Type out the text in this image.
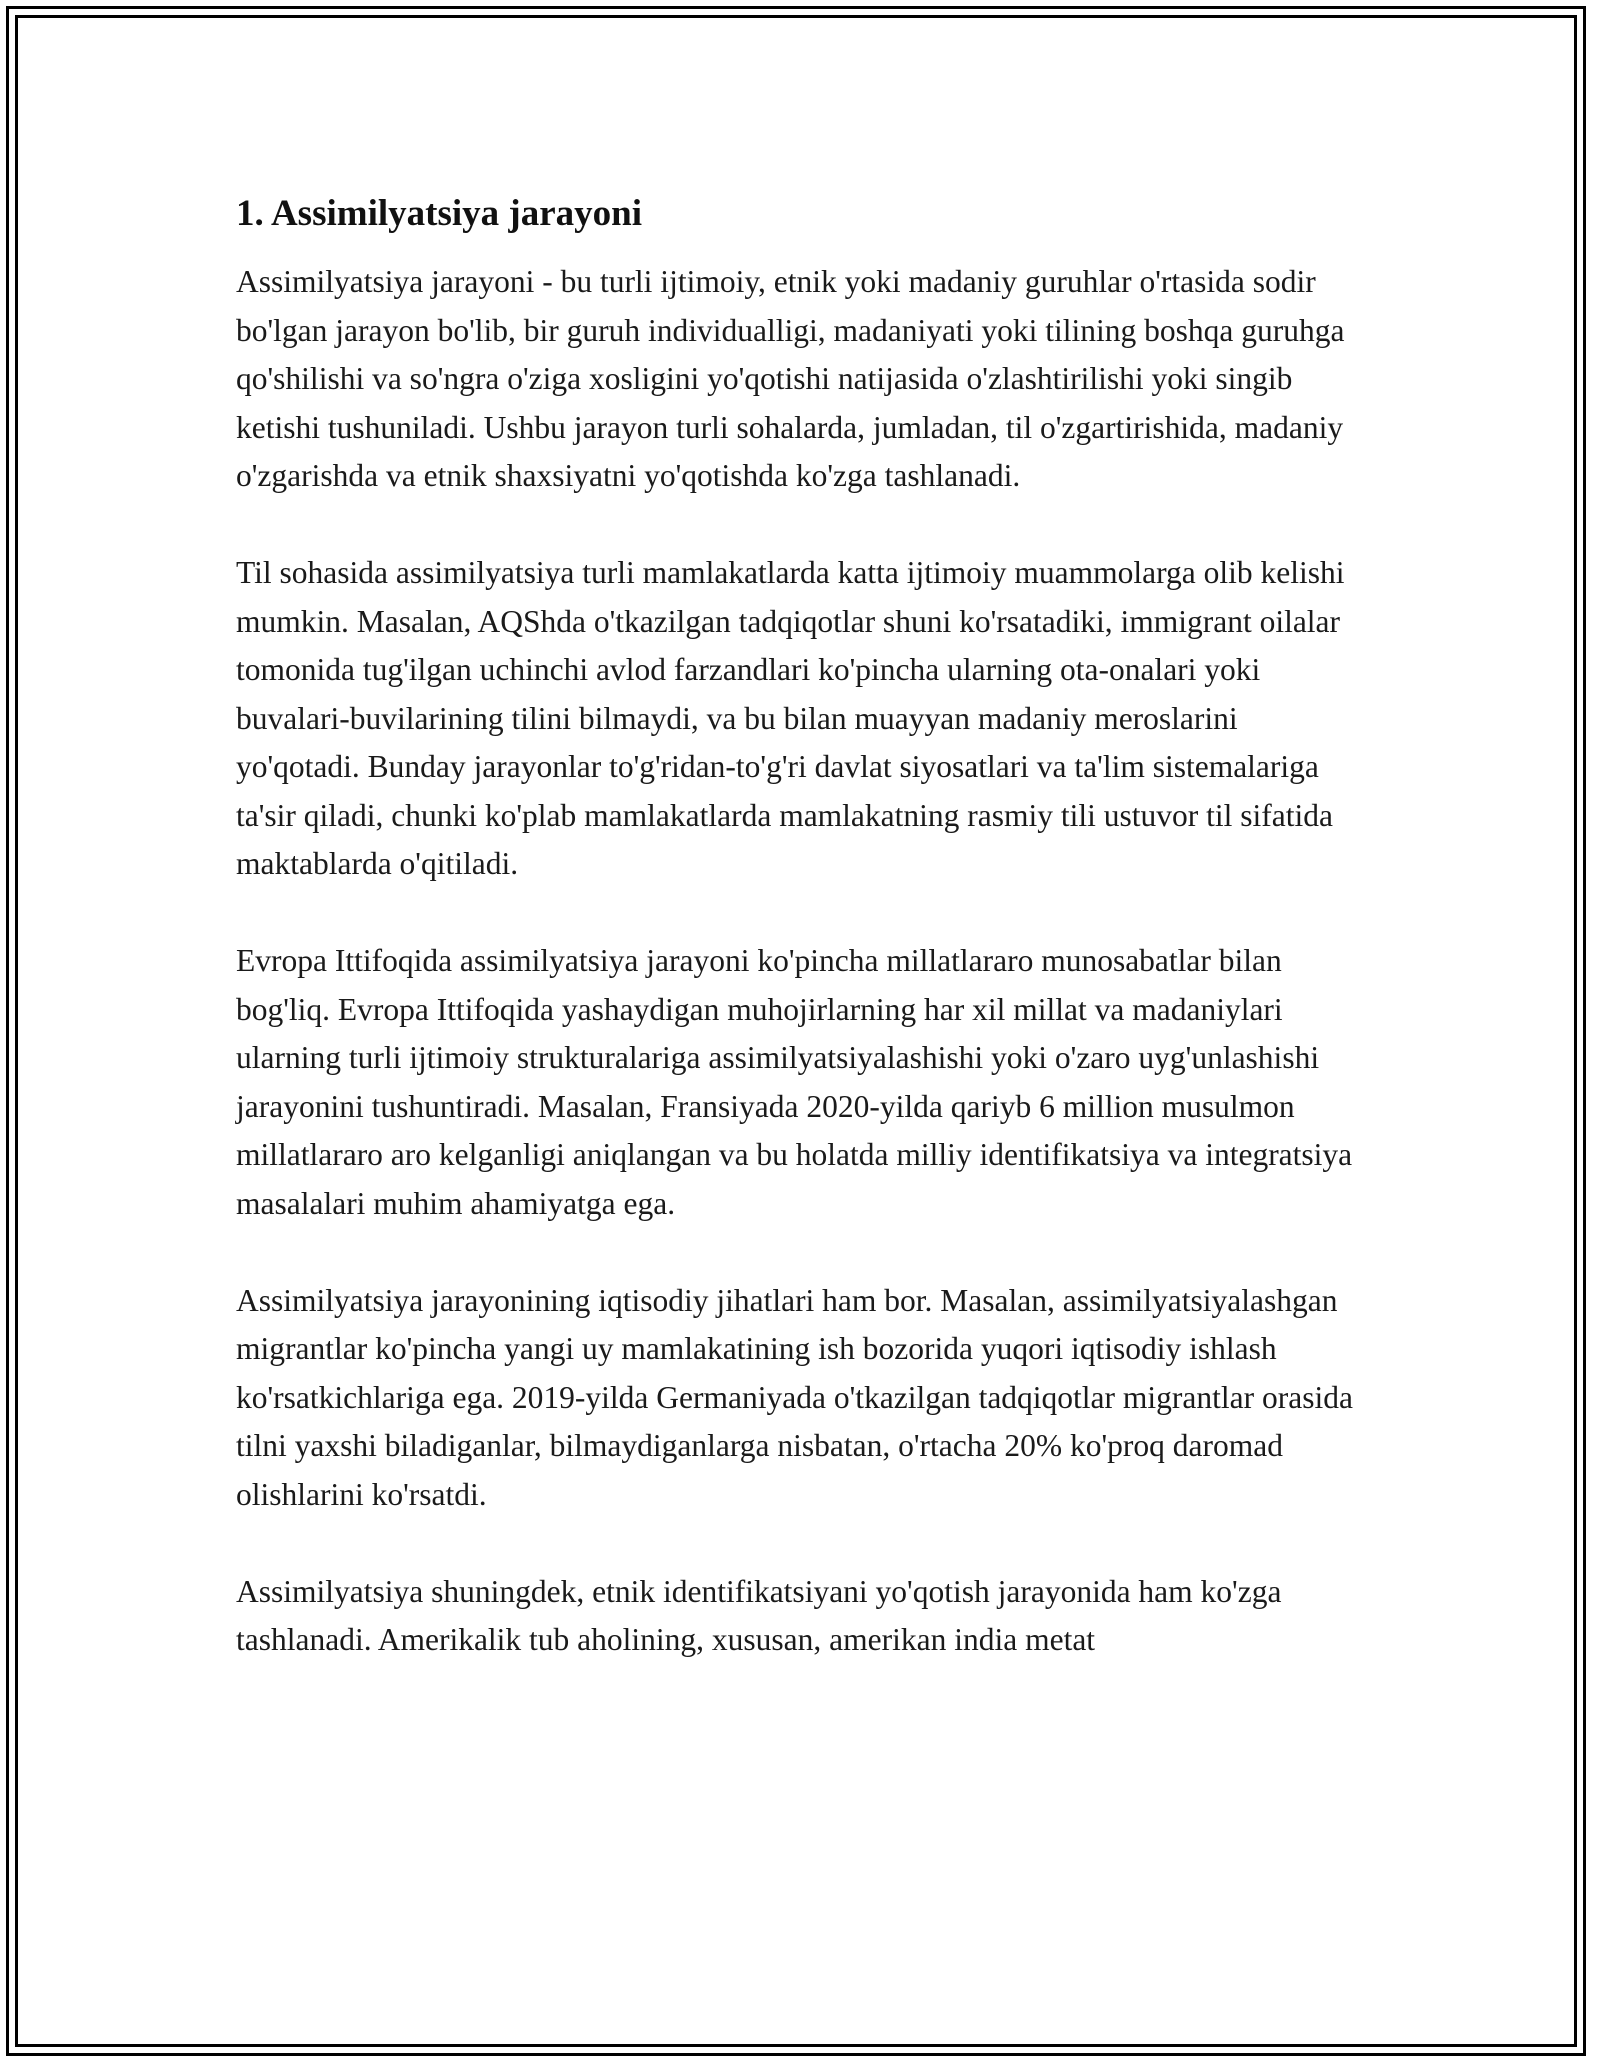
1. Assimilyatsiya jarayoni

Assimilyatsiya jarayoni - bu turli ijtimoiy, etnik yoki madaniy guruhlar o'rtasida sodir bo'lgan jarayon bo'lib, bir guruh individualligi, madaniyati yoki tilining boshqa guruhga qo'shilishi va so'ngra o'ziga xosligini yo'qotishi natijasida o'zlashtirilishi yoki singib ketishi tushuniladi. Ushbu jarayon turli sohalarda, jumladan, til o'zgartirishida, madaniy o'zgarishda va etnik shaxsiyatni yo'qotishda ko'zga tashlanadi.

Til sohasida assimilyatsiya turli mamlakatlarda katta ijtimoiy muammolarga olib kelishi mumkin. Masalan, AQShda o'tkazilgan tadqiqotlar shuni ko'rsatadiki, immigrant oilalar tomonida tug'ilgan uchinchi avlod farzandlari ko'pincha ularning ota-onalari yoki buvalari-buvilarining tilini bilmaydi, va bu bilan muayyan madaniy meroslarini yo'qotadi. Bunday jarayonlar to'g'ridan-to'g'ri davlat siyosatlari va ta'lim sistemalariga ta'sir qiladi, chunki ko'plab mamlakatlarda mamlakatning rasmiy tili ustuvor til sifatida maktablarda o'qitiladi.

Evropa Ittifoqida assimilyatsiya jarayoni ko'pincha millatlararo munosabatlar bilan bog'liq. Evropa Ittifoqida yashaydigan muhojirlarning har xil millat va madaniylari ularning turli ijtimoiy strukturalariga assimilyatsiyalashishi yoki o'zaro uyg'unlashishi jarayonini tushuntiradi. Masalan, Fransiyada 2020-yilda qariyb 6 million musulmon millatlararo aro kelganligi aniqlangan va bu holatda milliy identifikatsiya va integratsiya masalalari muhim ahamiyatga ega.

Assimilyatsiya jarayonining iqtisodiy jihatlari ham bor. Masalan, assimilyatsiyalashgan migrantlar ko'pincha yangi uy mamlakatining ish bozorida yuqori iqtisodiy ishlash ko'rsatkichlariga ega. 2019-yilda Germaniyada o'tkazilgan tadqiqotlar migrantlar orasida tilni yaxshi biladiganlar, bilmaydiganlarga nisbatan, o'rtacha 20% ko'proq daromad olishlarini ko'rsatdi.

Assimilyatsiya shuningdek, etnik identifikatsiyani yo'qotish jarayonida ham ko'zga tashlanadi. Amerikalik tub aholining, xususan, amerikan india metat
